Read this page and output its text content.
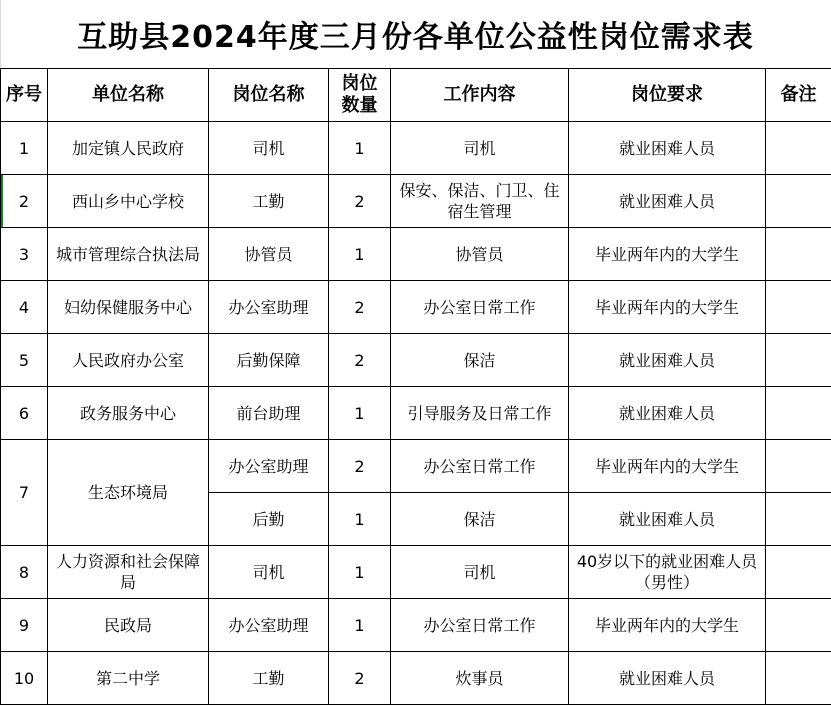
互助县2024年度三月份各单位公益性岗位需求表
序号	单位名称	岗位名称	岗位数量	工作内容	岗位要求	备注
1	加定镇人民政府	司机	1	司机	就业困难人员	
2	西山乡中心学校	工勤	2	保安、保洁、门卫、住宿生管理	就业困难人员	
3	城市管理综合执法局	协管员	1	协管员	毕业两年内的大学生	
4	妇幼保健服务中心	办公室助理	2	办公室日常工作	毕业两年内的大学生	
5	人民政府办公室	后勤保障	2	保洁	就业困难人员	
6	政务服务中心	前台助理	1	引导服务及日常工作	就业困难人员	
7	生态环境局	办公室助理	2	办公室日常工作	毕业两年内的大学生	
		后勤	1	保洁	就业困难人员	
8	人力资源和社会保障局	司机	1	司机	40岁以下的就业困难人员（男性）	
9	民政局	办公室助理	1	办公室日常工作	毕业两年内的大学生	
10	第二中学	工勤	2	炊事员	就业困难人员	
